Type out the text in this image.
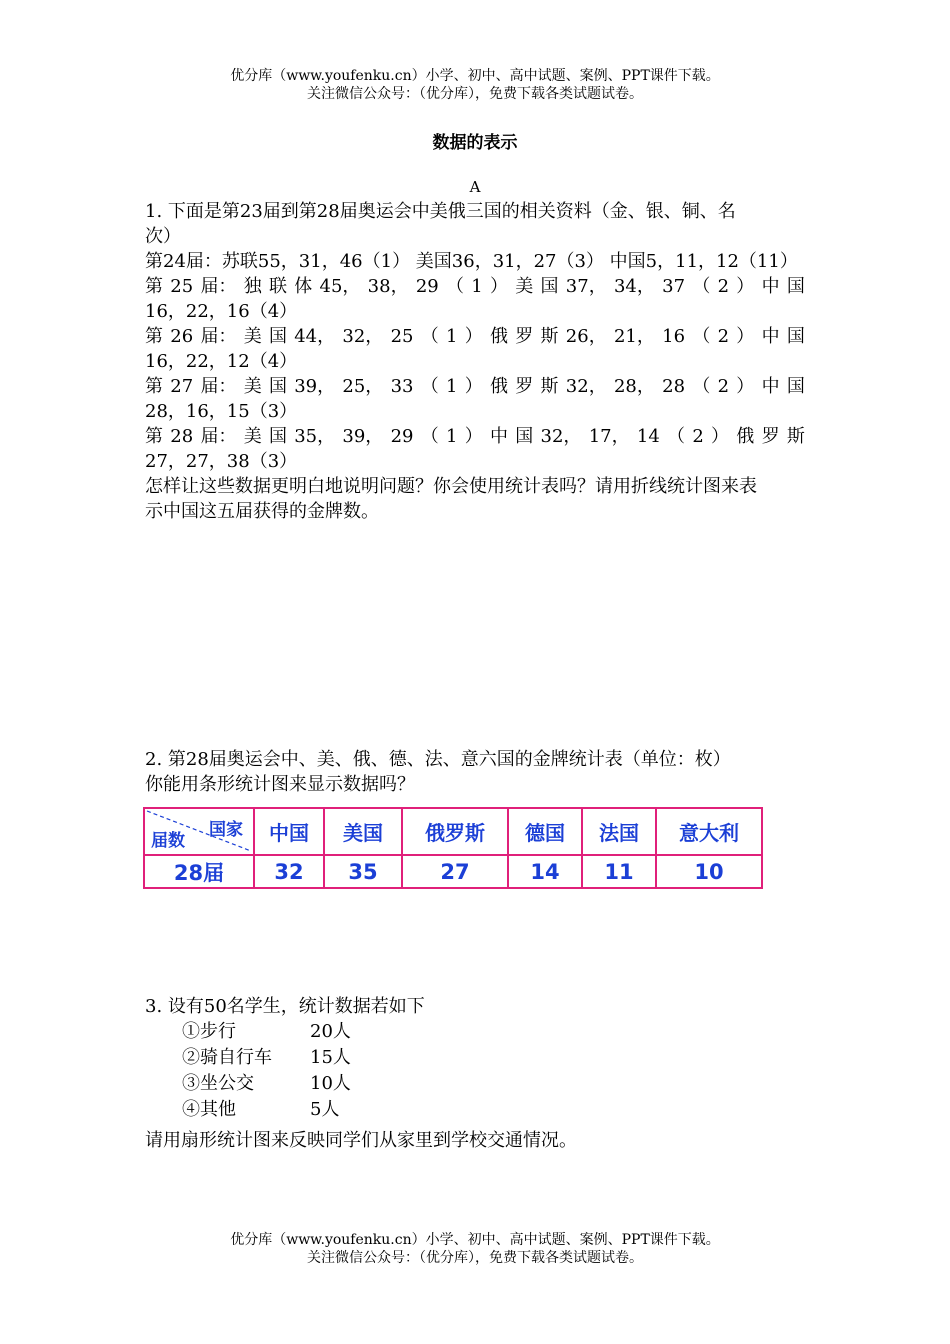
优分库（www.youfenku.cn）小学、初中、高中试题、案例、PPT课件下载。
关注微信公众号：（优分库），免费下载各类试题试卷。
数据的表示
A
1. 下面是第23届到第28届奥运会中美俄三国的相关资料（金、银、铜、名
次）
第24届：苏联55，31，46（1） 美国36，31，27（3） 中国5，11，12（11）
第 25 届： 独 联 体 45， 38， 29 （ 1 ） 美 国 37， 34， 37 （ 2 ） 中 国
16，22，16（4）
第 26 届： 美 国 44， 32， 25 （ 1 ） 俄 罗 斯 26， 21， 16 （ 2 ） 中 国
16，22，12（4）
第 27 届： 美 国 39， 25， 33 （ 1 ） 俄 罗 斯 32， 28， 28 （ 2 ） 中 国
28，16，15（3）
第 28 届： 美 国 35， 39， 29 （ 1 ） 中 国 32， 17， 14 （ 2 ） 俄 罗 斯
27，27，38（3）
怎样让这些数据更明白地说明问题？你会使用统计表吗？请用折线统计图来表
示中国这五届获得的金牌数。
2. 第28届奥运会中、美、俄、德、法、意六国的金牌统计表（单位：枚）
你能用条形统计图来显示数据吗？
国家
届数	中国	美国	俄罗斯	德国	法国	意大利
28届	32	35	27	14	11	10
3. 设有50名学生，统计数据若如下
①步行	20人
②骑自行车 15人
③坐公交	10人
④其他	5人
请用扇形统计图来反映同学们从家里到学校交通情况。
优分库（www.youfenku.cn）小学、初中、高中试题、案例、PPT课件下载。
关注微信公众号：（优分库），免费下载各类试题试卷。
